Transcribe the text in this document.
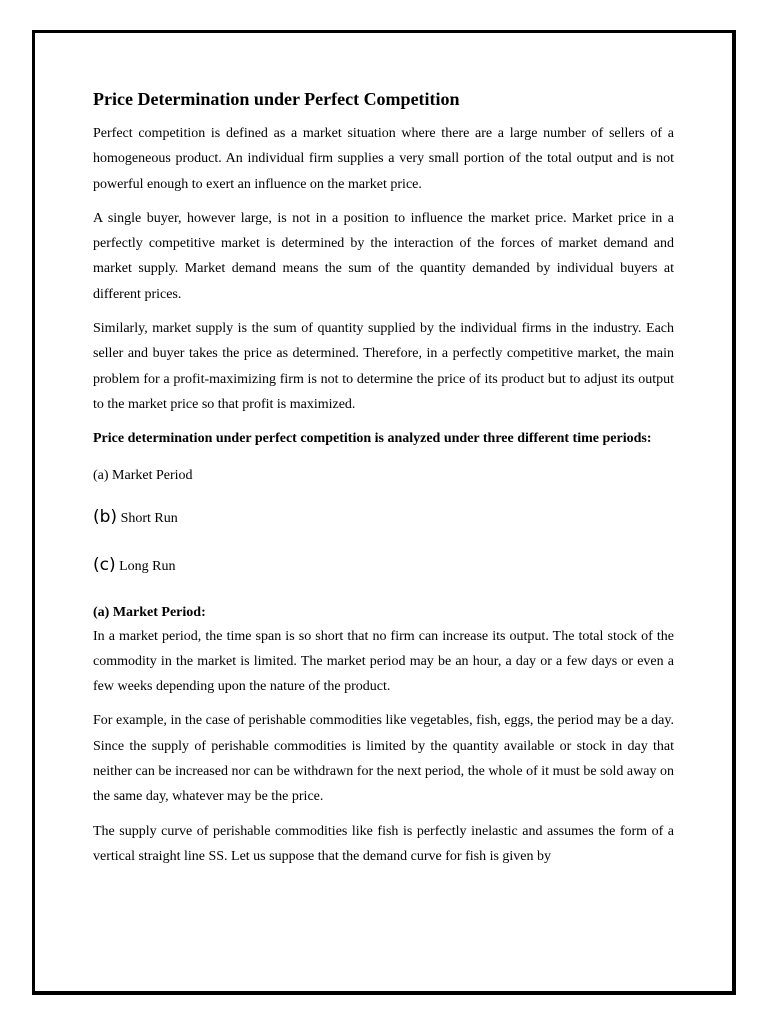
Price Determination under Perfect Competition

Perfect competition is defined as a market situation where there are a large number of sellers of a homogeneous product. An individual firm supplies a very small portion of the total output and is not powerful enough to exert an influence on the market price.

A single buyer, however large, is not in a position to influence the market price. Market price in a perfectly competitive market is determined by the interaction of the forces of market demand and market supply. Market demand means the sum of the quantity demanded by individual buyers at different prices.

Similarly, market supply is the sum of quantity supplied by the individual firms in the industry. Each seller and buyer takes the price as determined. Therefore, in a perfectly competitive market, the main problem for a profit-maximizing firm is not to determine the price of its product but to adjust its output to the market price so that profit is maximized.

Price determination under perfect competition is analyzed under three different time periods:

(a) Market Period
(b) Short Run
(c) Long Run

(a) Market Period:

In a market period, the time span is so short that no firm can increase its output. The total stock of the commodity in the market is limited. The market period may be an hour, a day or a few days or even a few weeks depending upon the nature of the product.

For example, in the case of perishable commodities like vegetables, fish, eggs, the period may be a day. Since the supply of perishable commodities is limited by the quantity available or stock in day that neither can be increased nor can be withdrawn for the next period, the whole of it must be sold away on the same day, whatever may be the price.

The supply curve of perishable commodities like fish is perfectly inelastic and assumes the form of a vertical straight line SS. Let us suppose that the demand curve for fish is given by
